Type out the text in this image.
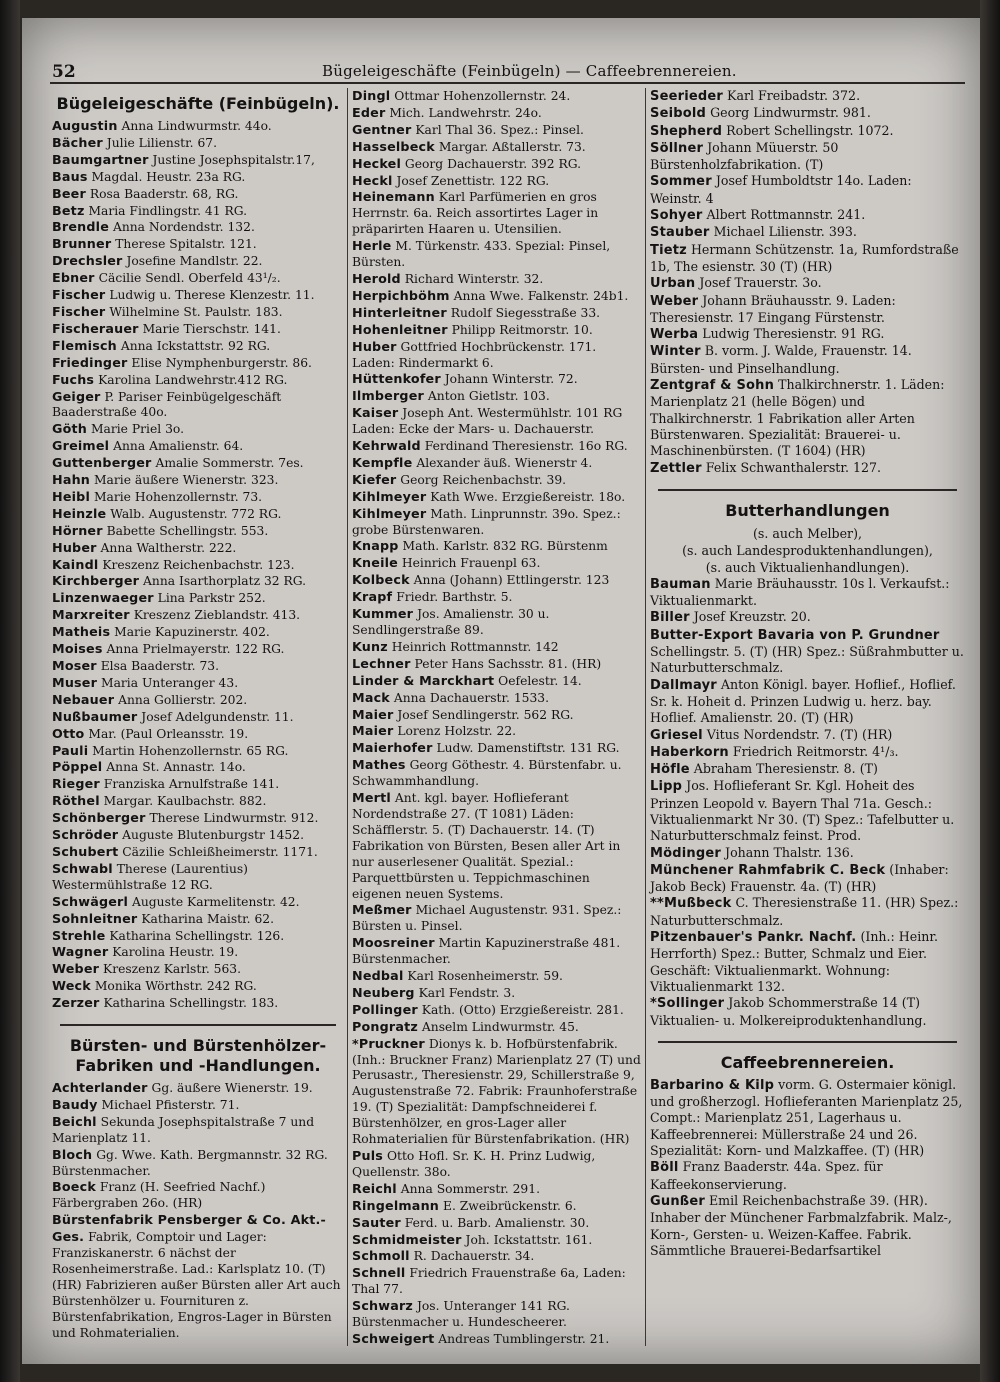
52	Bügeleigeschäfte (Feinbügeln) — Caffeebrennereien.
Bügeleigeschäfte (Feinbügeln).

Augustin Anna Lindwurmstr. 44o.

Bächer Julie Lilienstr. 67.

Baumgartner Justine Josephspitalstr.17,

Baus Magdal. Heustr. 23a RG.

Beer Rosa Baaderstr. 68, RG.

Betz Maria Findlingstr. 41 RG.

Brendle Anna Nordendstr. 132.

Brunner Therese Spitalstr. 121.

Drechsler Josefine Mandlstr. 22.

Ebner Cäcilie Sendl. Oberfeld 43¹/₂.

Fischer Ludwig u. Therese Klenzestr. 11.

Fischer Wilhelmine St. Paulstr. 183.

Fischerauer Marie Tierschstr. 141.

Flemisch Anna Ickstattstr. 92 RG.

Friedinger Elise Nymphenburgerstr. 86.

Fuchs Karolina Landwehrstr.412 RG.

Geiger P. Pariser Feinbügelgeschäft Baaderstraße 40o.

Göth Marie Priel 3o.

Greimel Anna Amalienstr. 64.

Guttenberger Amalie Sommerstr. 7es.

Hahn Marie äußere Wienerstr. 323.

Heibl Marie Hohenzollernstr. 73.

Heinzle Walb. Augustenstr. 772 RG.

Hörner Babette Schellingstr. 553.

Huber Anna Waltherstr. 222.

Kaindl Kreszenz Reichenbachstr. 123.

Kirchberger Anna Isarthorplatz 32 RG.

Linzenwaeger Lina Parkstr 252.

Marxreiter Kreszenz Zieblandstr. 413.

Matheis Marie Kapuzinerstr. 402.

Moises Anna Prielmayerstr. 122 RG.

Moser Elsa Baaderstr. 73.

Muser Maria Unteranger 43.

Nebauer Anna Gollierstr. 202.

Nußbaumer Josef Adelgundenstr. 11.

Otto Mar. (Paul Orleansstr. 19.

Pauli Martin Hohenzollernstr. 65 RG.

Pöppel Anna St. Annastr. 14o.

Rieger Franziska Arnulfstraße 141.

Röthel Margar. Kaulbachstr. 882.

Schönberger Therese Lindwurmstr. 912.

Schröder Auguste Blutenburgstr 1452.

Schubert Cäzilie Schleißheimerstr. 1171.

Schwabl Therese (Laurentius) Westermühlstraße 12 RG.

Schwägerl Auguste Karmelitenstr. 42.

Sohnleitner Katharina Maistr. 62.

Strehle Katharina Schellingstr. 126.

Wagner Karolina Heustr. 19.

Weber Kreszenz Karlstr. 563.

Weck Monika Wörthstr. 242 RG.

Zerzer Katharina Schellingstr. 183.

Bürsten- und Bürstenhölzer-Fabriken und -Handlungen.

Achterlander Gg. äußere Wienerstr. 19.

Baudy Michael Pfisterstr. 71.

Beichl Sekunda Josephspitalstraße 7 und Marienplatz 11.

Bloch Gg. Wwe. Kath. Bergmannstr. 32 RG. Bürstenmacher.

Boeck Franz (H. Seefried Nachf.) Färbergraben 26o. (HR)

Bürstenfabrik Pensberger & Co. Akt.-Ges. Fabrik, Comptoir und Lager: Franziskanerstr. 6 nächst der Rosenheimerstraße. Lad.: Karlsplatz 10. (T) (HR) Fabrizieren außer Bürsten aller Art auch Bürstenhölzer u. Fournituren z. Bürstenfabrikation, Engros-Lager in Bürsten und Rohmaterialien.

Dingl Ottmar Hohenzollernstr. 24.

Eder Mich. Landwehrstr. 24o.

Gentner Karl Thal 36. Spez.: Pinsel.

Hasselbeck Margar. Aßtallerstr. 73.

Heckel Georg Dachauerstr. 392 RG.

Heckl Josef Zenettistr. 122 RG.

Heinemann Karl Parfümerien en gros Herrnstr. 6a. Reich assortirtes Lager in präparirten Haaren u. Utensilien.

Herle M. Türkenstr. 433. Spezial: Pinsel, Bürsten.

Herold Richard Winterstr. 32.

Herpichböhm Anna Wwe. Falkenstr. 24b1.

Hinterleitner Rudolf Siegesstraße 33.

Hohenleitner Philipp Reitmorstr. 10.

Huber Gottfried Hochbrückenstr. 171. Laden: Rindermarkt 6.

Hüttenkofer Johann Winterstr. 72.

Ilmberger Anton Gietlstr. 103.

Kaiser Joseph Ant. Westermühlstr. 101 RG Laden: Ecke der Mars- u. Dachauerstr.

Kehrwald Ferdinand Theresienstr. 16o RG.

Kempfle Alexander äuß. Wienerstr 4.

Kiefer Georg Reichenbachstr. 39.

Kihlmeyer Kath Wwe. Erzgießereistr. 18o.

Kihlmeyer Math. Linprunnstr. 39o. Spez.: grobe Bürstenwaren.

Knapp Math. Karlstr. 832 RG. Bürstenm

Kneile Heinrich Frauenpl 63.

Kolbeck Anna (Johann) Ettlingerstr. 123

Krapf Friedr. Barthstr. 5.

Kummer Jos. Amalienstr. 30 u. Sendlingerstraße 89.

Kunz Heinrich Rottmannstr. 142

Lechner Peter Hans Sachsstr. 81. (HR)

Linder & Marckhart Oefelestr. 14.

Mack Anna Dachauerstr. 1533.

Maier Josef Sendlingerstr. 562 RG.

Maier Lorenz Holzstr. 22.

Maierhofer Ludw. Damenstiftstr. 131 RG.

Mathes Georg Göthestr. 4. Bürstenfabr. u. Schwammhandlung.

Mertl Ant. kgl. bayer. Hoflieferant Nordendstraße 27. (T 1081) Läden: Schäfflerstr. 5. (T) Dachauerstr. 14. (T) Fabrikation von Bürsten, Besen aller Art in nur auserlesener Qualität. Spezial.: Parquettbürsten u. Teppichmaschinen eigenen neuen Systems.

Meßmer Michael Augustenstr. 931. Spez.: Bürsten u. Pinsel.

Moosreiner Martin Kapuzinerstraße 481. Bürstenmacher.

Nedbal Karl Rosenheimerstr. 59.

Neuberg Karl Fendstr. 3.

Pollinger Kath. (Otto) Erzgießereistr. 281.

Pongratz Anselm Lindwurmstr. 45.

*Pruckner Dionys k. b. Hofbürstenfabrik. (Inh.: Bruckner Franz) Marienplatz 27 (T) und Perusastr., Theresienstr. 29, Schillerstraße 9, Augustenstraße 72. Fabrik: Fraunhoferstraße 19. (T) Spezialität: Dampfschneiderei f. Bürstenhölzer, en gros-Lager aller Rohmaterialien für Bürstenfabrikation. (HR)

Puls Otto Hofl. Sr. K. H. Prinz Ludwig, Quellenstr. 38o.

Reichl Anna Sommerstr. 291.

Ringelmann E. Zweibrückenstr. 6.

Sauter Ferd. u. Barb. Amalienstr. 30.

Schmidmeister Joh. Ickstattstr. 161.

Schmoll R. Dachauerstr. 34.

Schnell Friedrich Frauenstraße 6a, Laden: Thal 77.

Schwarz Jos. Unteranger 141 RG. Bürstenmacher u. Hundescheerer.

Schweigert Andreas Tumblingerstr. 21.

Seerieder Karl Freibadstr. 372.

Seibold Georg Lindwurmstr. 981.

Shepherd Robert Schellingstr. 1072.

Söllner Johann Müuerstr. 50 Bürstenholzfabrikation. (T)

Sommer Josef Humboldtstr 14o. Laden: Weinstr. 4

Sohyer Albert Rottmannstr. 241.

Stauber Michael Lilienstr. 393.

Tietz Hermann Schützenstr. 1a, Rumfordstraße 1b, The esienstr. 30 (T) (HR)

Urban Josef Trauerstr. 3o.

Weber Johann Bräuhausstr. 9. Laden: Theresienstr. 17 Eingang Fürstenstr.

Werba Ludwig Theresienstr. 91 RG.

Winter B. vorm. J. Walde, Frauenstr. 14. Bürsten- und Pinselhandlung.

Zentgraf & Sohn Thalkirchnerstr. 1. Läden: Marienplatz 21 (helle Bögen) und Thalkirchnerstr. 1 Fabrikation aller Arten Bürstenwaren. Spezialität: Brauerei- u. Maschinenbürsten. (T 1604) (HR)

Zettler Felix Schwanthalerstr. 127.

Butterhandlungen
(s. auch Melber),
(s. auch Landesproduktenhandlungen),
(s. auch Viktualienhandlungen).

Bauman Marie Bräuhausstr. 10s l. Verkaufst.: Viktualienmarkt.

Biller Josef Kreuzstr. 20.

Butter-Export Bavaria von P. Grundner Schellingstr. 5. (T) (HR) Spez.: Süßrahmbutter u. Naturbutterschmalz.

Dallmayr Anton Königl. bayer. Hoflief., Hoflief. Sr. k. Hoheit d. Prinzen Ludwig u. herz. bay. Hoflief. Amalienstr. 20. (T) (HR)

Griesel Vitus Nordendstr. 7. (T) (HR)

Haberkorn Friedrich Reitmorstr. 4¹/₃.

Höfle Abraham Theresienstr. 8. (T)

Lipp Jos. Hoflieferant Sr. Kgl. Hoheit des Prinzen Leopold v. Bayern Thal 71a. Gesch.: Viktualienmarkt Nr 30. (T) Spez.: Tafelbutter u. Naturbutterschmalz feinst. Prod.

Mödinger Johann Thalstr. 136.

Münchener Rahmfabrik C. Beck (Inhaber: Jakob Beck) Frauenstr. 4a. (T) (HR)

**Mußbeck C. Theresienstraße 11. (HR) Spez.: Naturbutterschmalz.

Pitzenbauer's Pankr. Nachf. (Inh.: Heinr. Herrforth) Spez.: Butter, Schmalz und Eier. Geschäft: Viktualienmarkt. Wohnung: Viktualienmarkt 132.

*Sollinger Jakob Schommerstraße 14 (T) Viktualien- u. Molkereiproduktenhandlung.

Caffeebrennereien.

Barbarino & Kilp vorm. G. Ostermaier königl. und großherzogl. Hoflieferanten Marienplatz 25, Compt.: Marienplatz 251, Lagerhaus u. Kaffeebrennerei: Müllerstraße 24 und 26. Spezialität: Korn- und Malzkaffee. (T) (HR)

Böll Franz Baaderstr. 44a. Spez. für Kaffeekonservierung.

Gunßer Emil Reichenbachstraße 39. (HR). Inhaber der Münchener Farbmalzfabrik. Malz-, Korn-, Gersten- u. Weizen-Kaffee. Fabrik. Sämmtliche Brauerei-Bedarfsartikel
